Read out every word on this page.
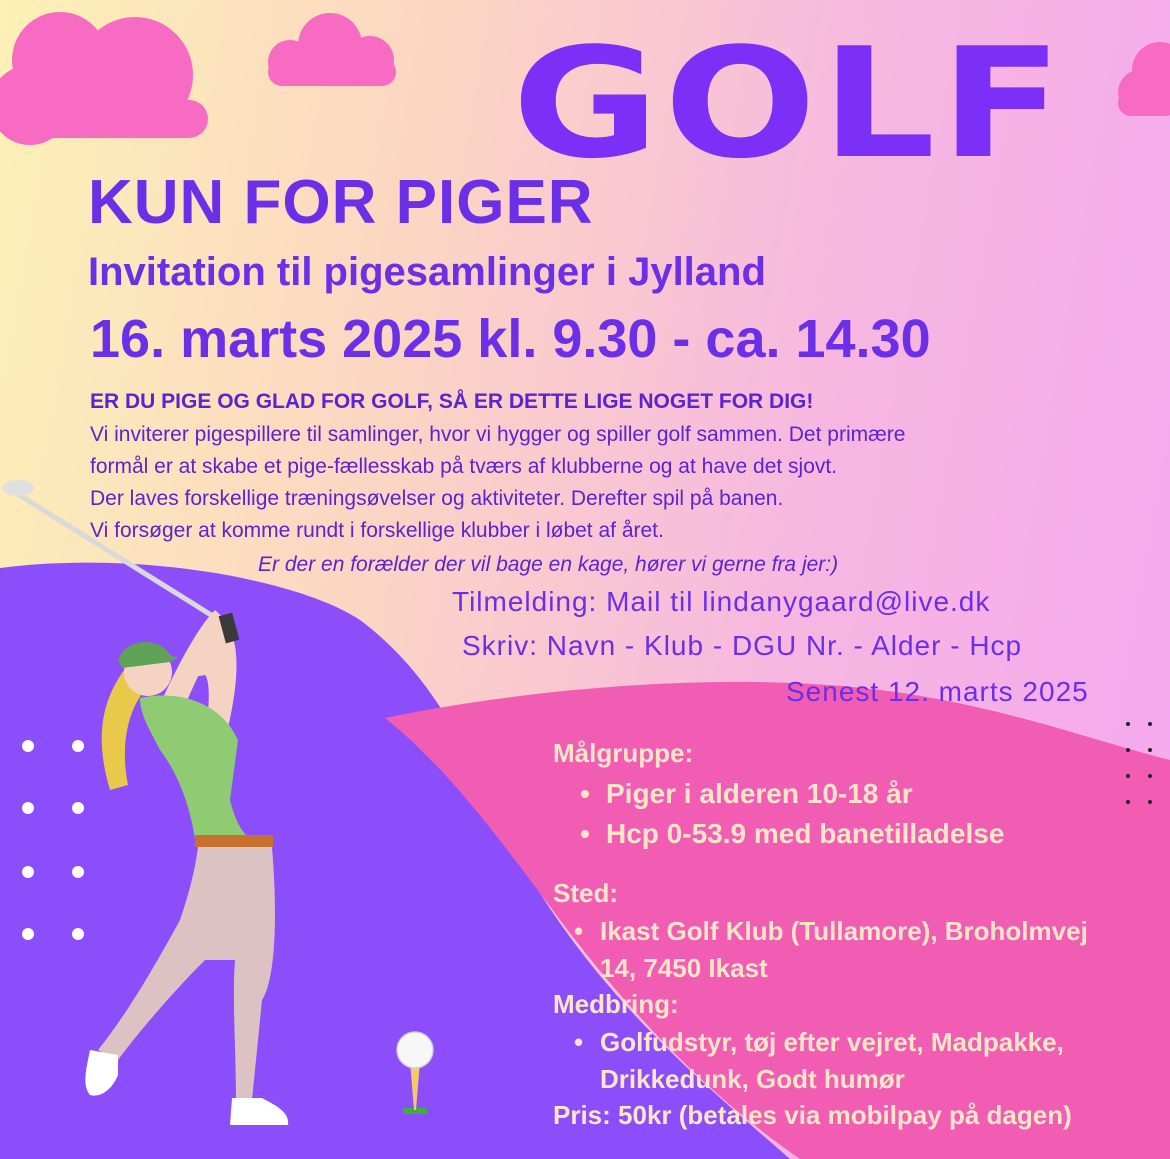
GOLF
KUN FOR PIGER
Invitation til pigesamlinger i Jylland
16. marts 2025 kl. 9.30 - ca. 14.30
ER DU PIGE OG GLAD FOR GOLF, SÅ ER DETTE LIGE NOGET FOR DIG!
Vi inviterer pigespillere til samlinger, hvor vi hygger og spiller golf sammen. Det primære
formål er at skabe et pige-fællesskab på tværs af klubberne og at have det sjovt.
Der laves forskellige træningsøvelser og aktiviteter. Derefter spil på banen.
Vi forsøger at komme rundt i forskellige klubber i løbet af året.
Er der en forælder der vil bage en kage, hører vi gerne fra jer:)
Tilmelding: Mail til lindanygaard@live.dk
Skriv: Navn - Klub - DGU Nr. - Alder - Hcp
Senest 12. marts 2025
Målgruppe:
• Piger i alderen 10-18 år
• Hcp 0-53.9 med banetilladelse
Sted:
• Ikast Golf Klub (Tullamore), Broholmvej
14, 7450 Ikast
Medbring:
• Golfudstyr, tøj efter vejret, Madpakke,
Drikkedunk, Godt humør
Pris: 50kr (betales via mobilpay på dagen)
